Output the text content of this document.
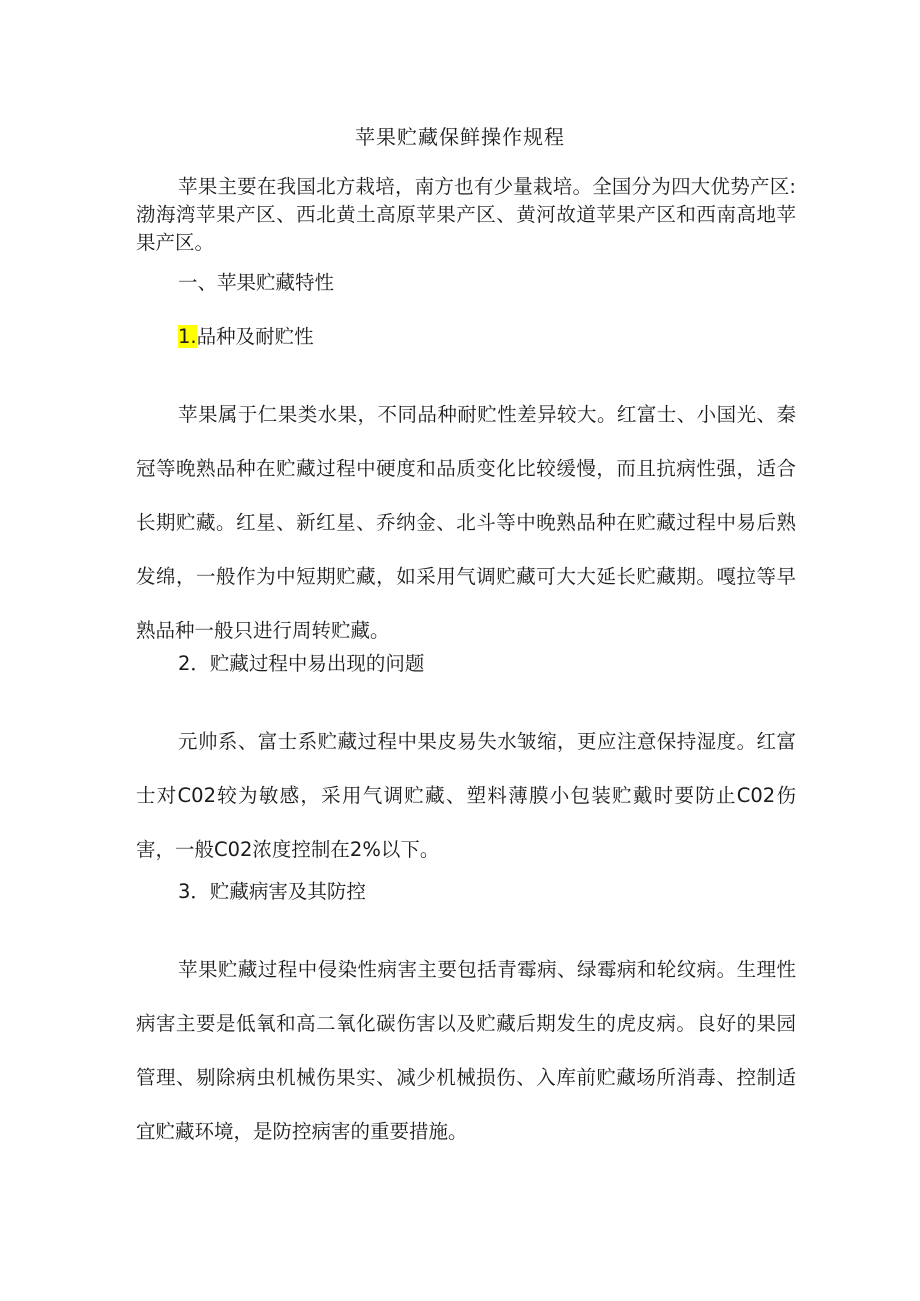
苹果贮藏保鲜操作规程
苹果主要在我国北方栽培，南方也有少量栽培。全国分为四大优势产区:渤海湾苹果产区、西北黄土高原苹果产区、黄河故道苹果产区和西南高地苹果产区。
一、苹果贮藏特性
1.品种及耐贮性
苹果属于仁果类水果，不同品种耐贮性差异较大。红富士、小国光、秦冠等晚熟品种在贮藏过程中硬度和品质变化比较缓慢，而且抗病性强，适合长期贮藏。红星、新红星、乔纳金、北斗等中晚熟品种在贮藏过程中易后熟发绵，一般作为中短期贮藏，如采用气调贮藏可大大延长贮藏期。嘎拉等早熟品种一般只进行周转贮藏。
2．贮藏过程中易出现的问题
元帅系、富士系贮藏过程中果皮易失水皱缩，更应注意保持湿度。红富士对C02较为敏感，采用气调贮藏、塑料薄膜小包装贮戴时要防止C02伤害，一般C02浓度控制在2%以下。
3．贮藏病害及其防控
苹果贮藏过程中侵染性病害主要包括青霉病、绿霉病和轮纹病。生理性病害主要是低氧和高二氧化碳伤害以及贮藏后期发生的虎皮病。良好的果园管理、剔除病虫机械伤果实、减少机械损伤、入库前贮藏场所消毒、控制适宜贮藏环境，是防控病害的重要措施。
